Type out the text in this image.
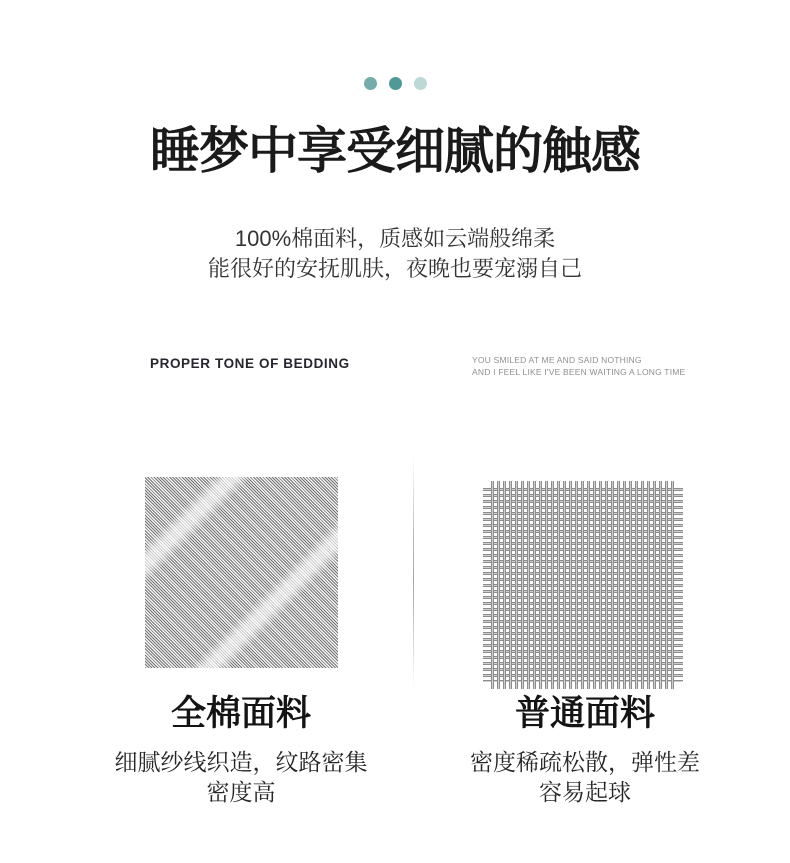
睡梦中享受细腻的触感
100%棉面料，质感如云端般绵柔
能很好的安抚肌肤，夜晚也要宠溺自己
PROPER TONE OF BEDDING	YOU SMILED AT ME AND SAID NOTHING
AND I FEEL LIKE I'VE BEEN WAITING A LONG TIME
全棉面料
细腻纱线织造，纹路密集
密度高
普通面料
密度稀疏松散，弹性差
容易起球
